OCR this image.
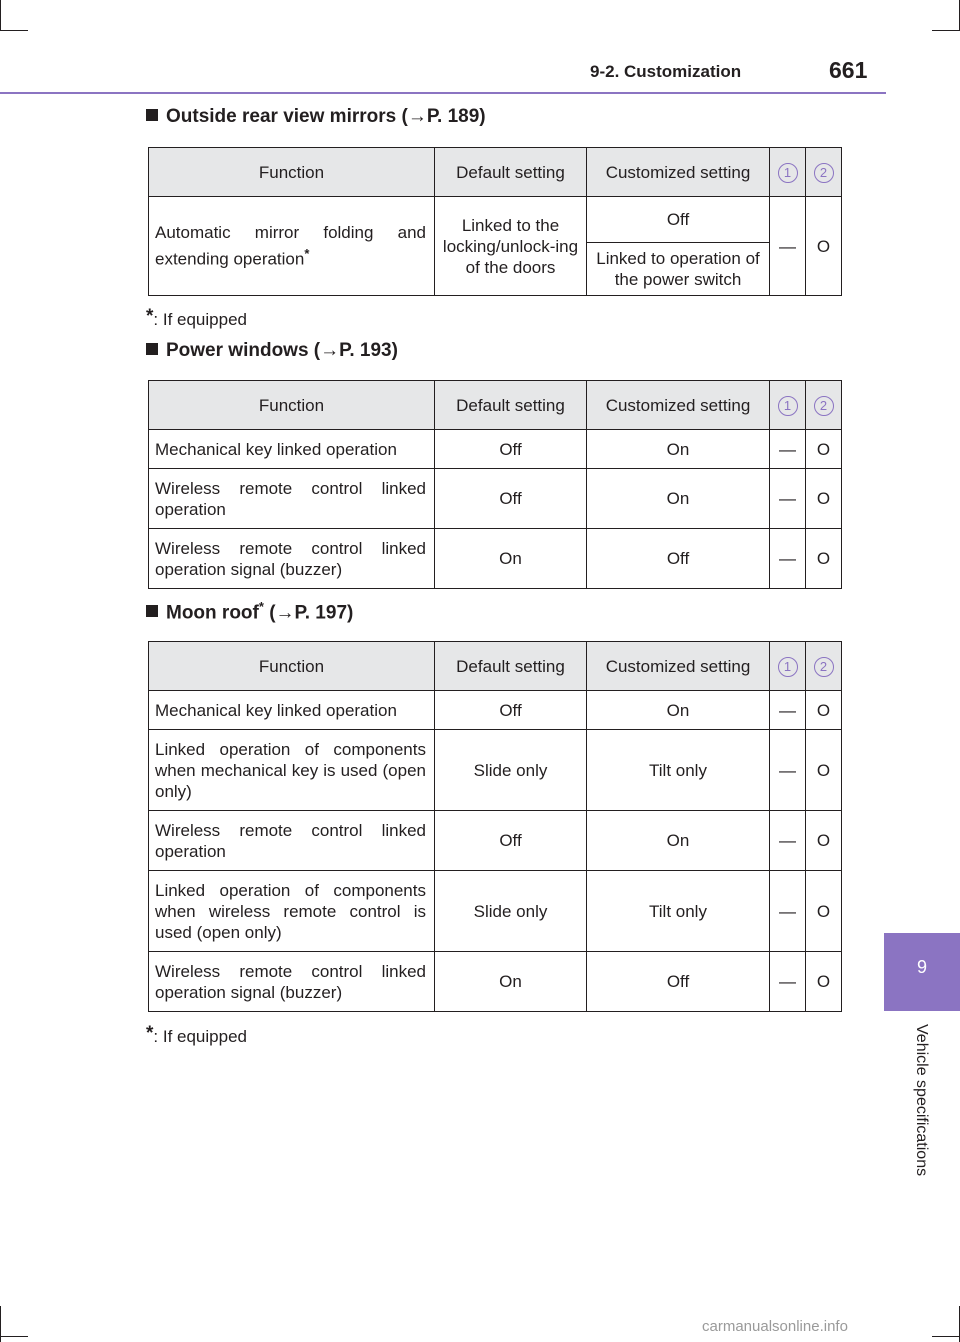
9-2. Customization	661
9
Vehicle specifications
Outside rear view mirrors (→P. 189)
Function	Default setting	Customized setting	1	2
Automatic mirror folding and extending operation*	Linked to the locking/unlock-ing of the doors	Off	—	O
		Linked to operation of the power switch		
*: If equipped
Power windows (→P. 193)
Function	Default setting	Customized setting	1	2
Mechanical key linked operation	Off	On	—	O
Wireless remote control linked operation	Off	On	—	O
Wireless remote control linked operation signal (buzzer)	On	Off	—	O
Moon roof* (→P. 197)
Function	Default setting	Customized setting	1	2
Mechanical key linked operation	Off	On	—	O
Linked operation of components when mechanical key is used (open only)	Slide only	Tilt only	—	O
Wireless remote control linked operation	Off	On	—	O
Linked operation of components when wireless remote control is used (open only)	Slide only	Tilt only	—	O
Wireless remote control linked operation signal (buzzer)	On	Off	—	O
*: If equipped
carmanualsonline.info
